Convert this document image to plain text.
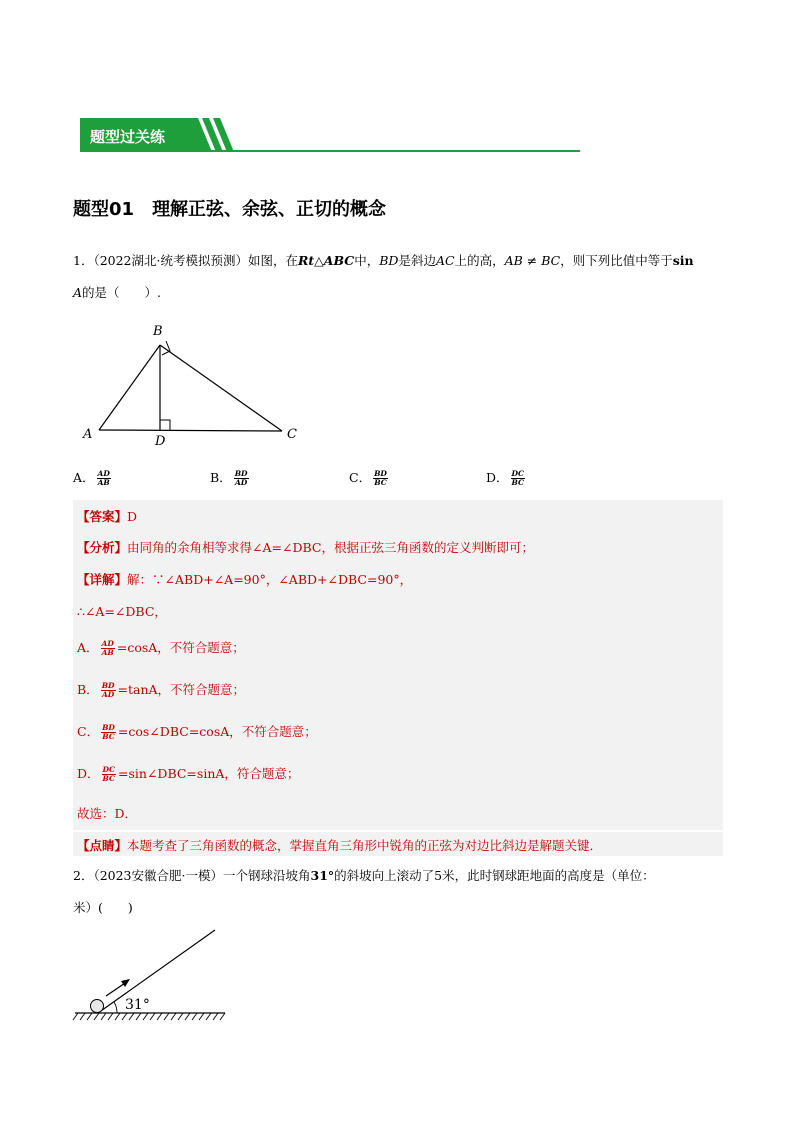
题型过关练
题型01 理解正弦、余弦、正切的概念
1．（2022湖北·统考模拟预测）如图，在Rt△ABC中，BD是斜边AC上的高，AB ≠ BC，则下列比值中等于sin
A的是（　　）.
B
A	D	C
A． $\frac{AD}{AB}$	B． $\frac{BD}{AD}$	C． $\frac{BD}{BC}$	D． $\frac{DC}{BC}$
【答案】D
【分析】由同角的余角相等求得∠A=∠DBC，根据正弦三角函数的定义判断即可；
【详解】解：∵∠ABD+∠A=90°，∠ABD+∠DBC=90°，
∴∠A=∠DBC，
A． $\frac{AD}{AB} =\cos A$，不符合题意；
B． $\frac{BD}{AD} =\tan A$，不符合题意；
C． $\frac{BD}{BC}$ =cos∠DBC=cosA，不符合题意；
D． $\frac{DC}{BC}$ =sin∠DBC=sinA，符合题意；
故选：D．
【点睛】本题考查了三角函数的概念，掌握直角三角形中锐角的正弦为对边比斜边是解题关键．
2．（2023安徽合肥·一模）一个钢球沿坡角31°的斜坡向上滚动了5米，此时钢球距地面的高度是（单位：
米）(　　)
31°
